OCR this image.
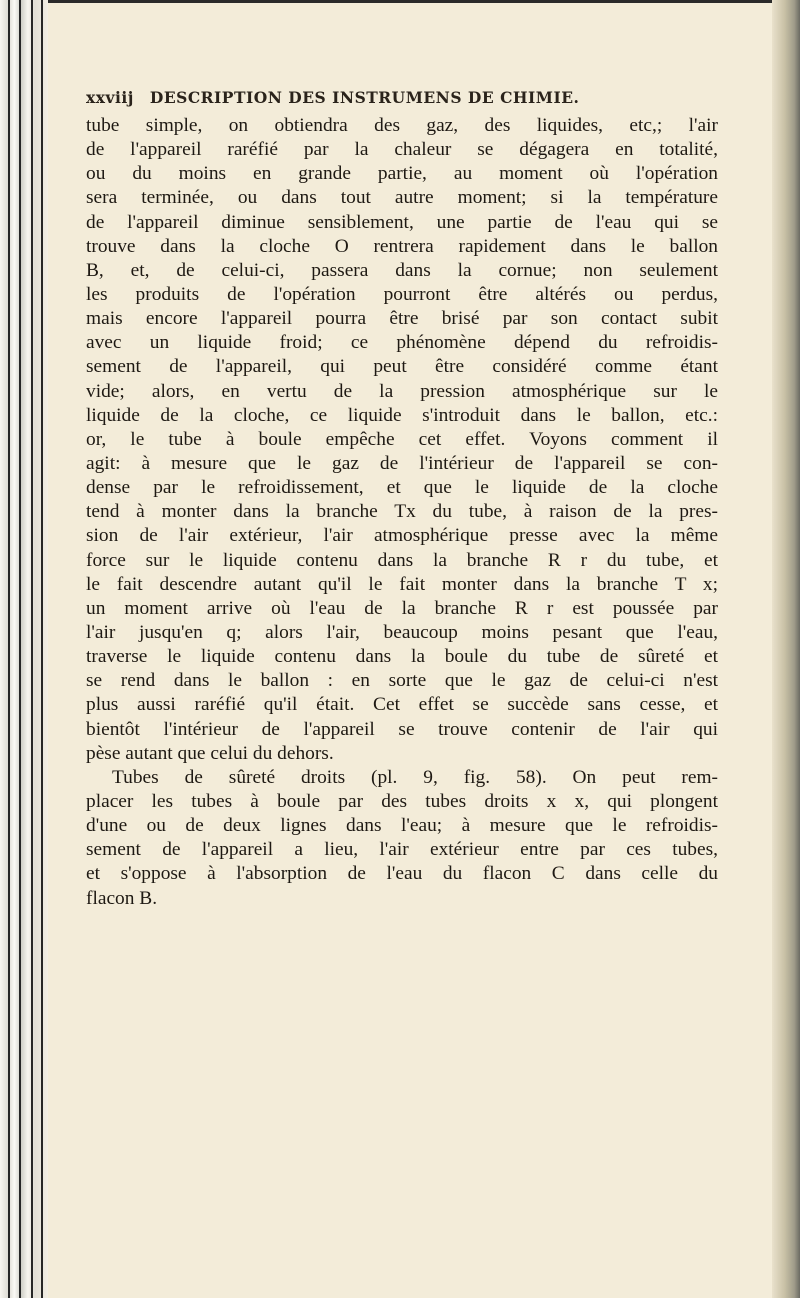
xxviij DESCRIPTION DES INSTRUMENS DE CHIMIE.
tube simple, on obtiendra des gaz, des liquides, etc,; l'air
de l'appareil raréfié par la chaleur se dégagera en totalité,
ou du moins en grande partie, au moment où l'opération
sera terminée, ou dans tout autre moment; si la température
de l'appareil diminue sensiblement, une partie de l'eau qui se
trouve dans la cloche O rentrera rapidement dans le ballon
B, et, de celui-ci, passera dans la cornue; non seulement
les produits de l'opération pourront être altérés ou perdus,
mais encore l'appareil pourra être brisé par son contact subit
avec un liquide froid; ce phénomène dépend du refroidis-
sement de l'appareil, qui peut être considéré comme étant
vide; alors, en vertu de la pression atmosphérique sur le
liquide de la cloche, ce liquide s'introduit dans le ballon, etc.:
or, le tube à boule empêche cet effet. Voyons comment il
agit: à mesure que le gaz de l'intérieur de l'appareil se con-
dense par le refroidissement, et que le liquide de la cloche
tend à monter dans la branche Tx du tube, à raison de la pres-
sion de l'air extérieur, l'air atmosphérique presse avec la même
force sur le liquide contenu dans la branche R r du tube, et
le fait descendre autant qu'il le fait monter dans la branche T x;
un moment arrive où l'eau de la branche R r est poussée par
l'air jusqu'en q; alors l'air, beaucoup moins pesant que l'eau,
traverse le liquide contenu dans la boule du tube de sûreté et
se rend dans le ballon : en sorte que le gaz de celui-ci n'est
plus aussi raréfié qu'il était. Cet effet se succède sans cesse, et
bientôt l'intérieur de l'appareil se trouve contenir de l'air qui
pèse autant que celui du dehors.
Tubes de sûreté droits (pl. 9, fig. 58). On peut rem-
placer les tubes à boule par des tubes droits x x, qui plongent
d'une ou de deux lignes dans l'eau; à mesure que le refroidis-
sement de l'appareil a lieu, l'air extérieur entre par ces tubes,
et s'oppose à l'absorption de l'eau du flacon C dans celle du
flacon B.
